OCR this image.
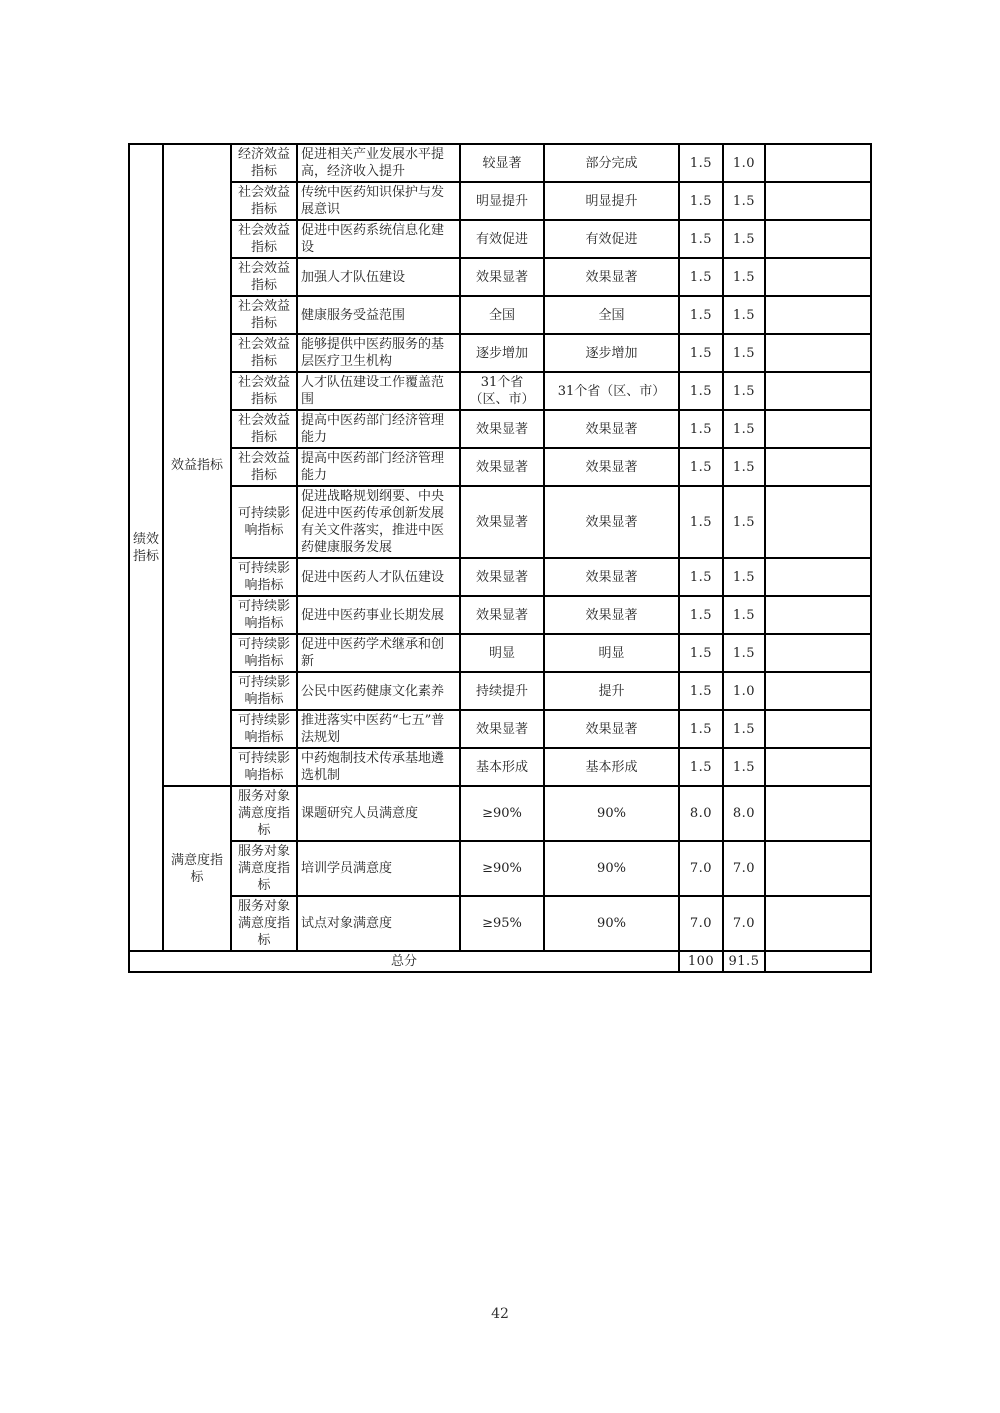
绩效指标	效益指标	经济效益指标	促进相关产业发展水平提高，经济收入提升	较显著	部分完成	1.5	1.0	
		社会效益指标	传统中医药知识保护与发展意识	明显提升	明显提升	1.5	1.5	
		社会效益指标	促进中医药系统信息化建设	有效促进	有效促进	1.5	1.5	
		社会效益指标	加强人才队伍建设	效果显著	效果显著	1.5	1.5	
		社会效益指标	健康服务受益范围	全国	全国	1.5	1.5	
		社会效益指标	能够提供中医药服务的基层医疗卫生机构	逐步增加	逐步增加	1.5	1.5	
		社会效益指标	人才队伍建设工作覆盖范围	31个省（区、市）	31个省（区、市）	1.5	1.5	
		社会效益指标	提高中医药部门经济管理能力	效果显著	效果显著	1.5	1.5	
		社会效益指标	提高中医药部门经济管理能力	效果显著	效果显著	1.5	1.5	
		可持续影响指标	促进战略规划纲要、中央促进中医药传承创新发展有关文件落实，推进中医药健康服务发展	效果显著	效果显著	1.5	1.5	
		可持续影响指标	促进中医药人才队伍建设	效果显著	效果显著	1.5	1.5	
		可持续影响指标	促进中医药事业长期发展	效果显著	效果显著	1.5	1.5	
		可持续影响指标	促进中医药学术继承和创新	明显	明显	1.5	1.5	
		可持续影响指标	公民中医药健康文化素养	持续提升	提升	1.5	1.0	
		可持续影响指标	推进落实中医药“七五”普法规划	效果显著	效果显著	1.5	1.5	
		可持续影响指标	中药炮制技术传承基地遴选机制	基本形成	基本形成	1.5	1.5	
	满意度指标	服务对象满意度指标	课题研究人员满意度	≥90%	90%	8.0	8.0	
		服务对象满意度指标	培训学员满意度	≥90%	90%	7.0	7.0	
		服务对象满意度指标	试点对象满意度	≥95%	90%	7.0	7.0	
总分						100	91.5	
42
